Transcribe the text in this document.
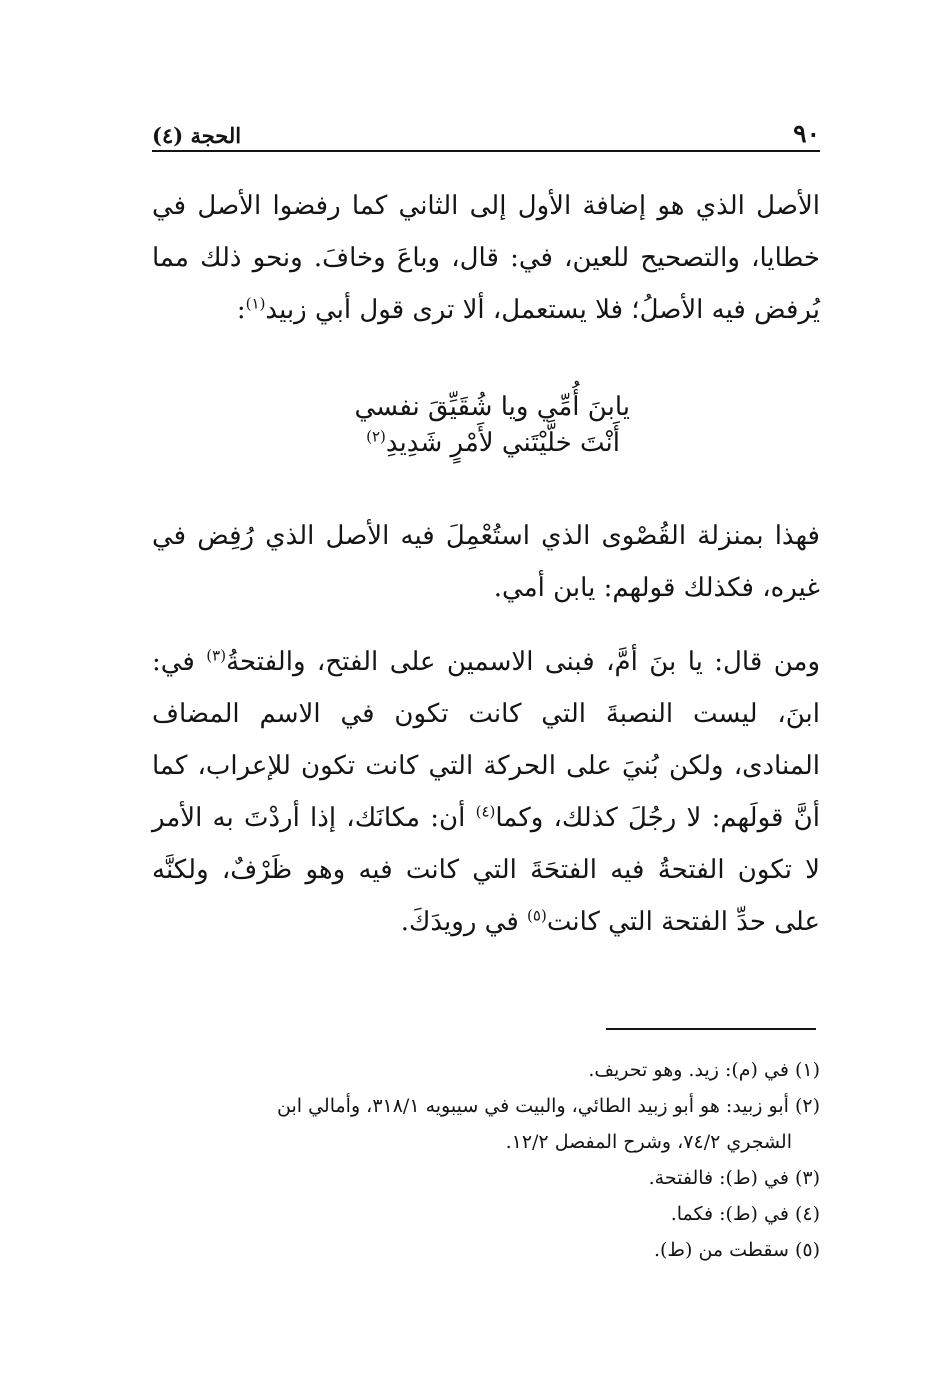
٩٠
الحجة (٤)

الأصل الذي هو إضافة الأول إلى الثاني كما رفضوا الأصل في خطايا، والتصحيح للعين، في: قال، وباعَ وخافَ. ونحو ذلك مما يُرفض فيه الأصلُ؛ فلا يستعمل، ألا ترى قول أبي زبيد$^{(١)}$:

يابنَ أُمِّي ويا شُقَيِّقَ نفسي
أَنْتَ خلَّيْتَني لأَمْرٍ شَدِيدِ$^{(٢)}$

فهذا بمنزلة القُصْوى الذي استُعْمِلَ فيه الأصل الذي رُفِض في غيره، فكذلك قولهم: يابن أمي.

ومن قال: يا بنَ أمَّ، فبنى الاسمين على الفتح، والفتحةُ$^{(٣)}$ في: ابنَ، ليست النصبةَ التي كانت تكون في الاسم المضاف المنادى، ولكن بُنيَ على الحركة التي كانت تكون للإعراب، كما أنَّ قولَهم: لا رجُلَ كذلك، وكما$^{(٤)}$ أن: مكانَك، إذا أردْتَ به الأمر لا تكون الفتحةُ فيه الفتحَةَ التي كانت فيه وهو ظَرْفٌ، ولكنَّه على حدِّ الفتحة التي كانت$^{(٥)}$ في رويدَكَ.

(١) في (م): زيد. وهو تحريف.

(٢) أبو زبيد: هو أبو زبيد الطائي، والبيت في سيبويه ٣١٨/١، وأمالي ابن

الشجري ٧٤/٢، وشرح المفصل ١٢/٢.

(٣) في (ط): فالفتحة.

(٤) في (ط): فكما.

(٥) سقطت من (ط).
